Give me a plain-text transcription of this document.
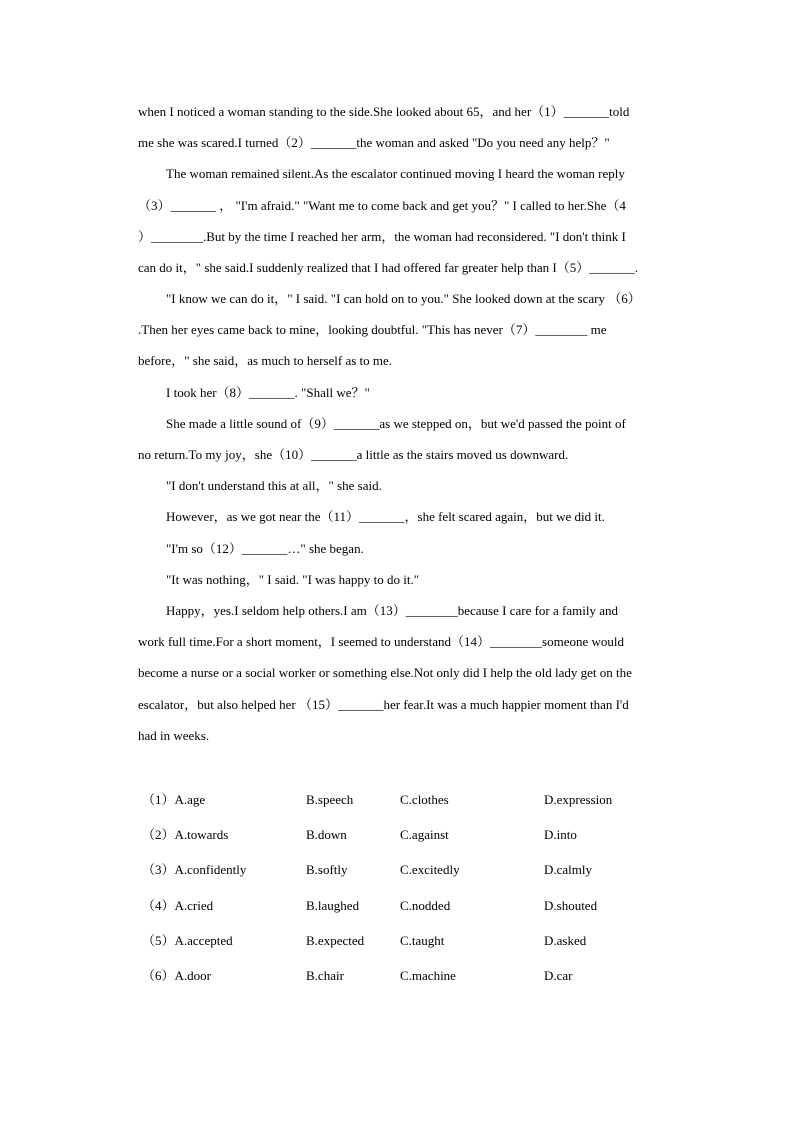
when I noticed a woman standing to the side.She looked about 65，and her（1）_______told
me she was scared.I turned（2）_______the woman and asked "Do you need any help？"
The woman remained silent.As the escalator continued moving I heard the woman reply
（3）_______ ， "I'm afraid." "Want me to come back and get you？" I called to her.She（4
）________.But by the time I reached her arm，the woman had reconsidered. "I don't think I
can do it，" she said.I suddenly realized that I had offered far greater help than I（5）_______.
"I know we can do it，" I said. "I can hold on to you." She looked down at the scary （6）
.Then her eyes came back to mine，looking doubtful. "This has never（7）________ me
before，" she said，as much to herself as to me.
I took her（8）_______. "Shall we？"
She made a little sound of（9）_______as we stepped on，but we'd passed the point of
no return.To my joy，she（10）_______a little as the stairs moved us downward.
"I don't understand this at all，" she said.
However，as we got near the（11）_______，she felt scared again，but we did it.
"I'm so（12）_______…" she began.
"It was nothing，" I said. "I was happy to do it."
Happy，yes.I seldom help others.I am（13）________because I care for a family and
work full time.For a short moment，I seemed to understand（14）________someone would
become a nurse or a social worker or something else.Not only did I help the old lady get on the
escalator，but also helped her （15）_______her fear.It was a much happier moment than I'd
had in weeks.
（1）A.age	B.speech	C.clothes	D.expression
（2）A.towards	B.down	C.against	D.into
（3）A.confidently	B.softly	C.excitedly	D.calmly
（4）A.cried	B.laughed	C.nodded	D.shouted
（5）A.accepted	B.expected	C.taught	D.asked
（6）A.door	B.chair	C.machine	D.car
